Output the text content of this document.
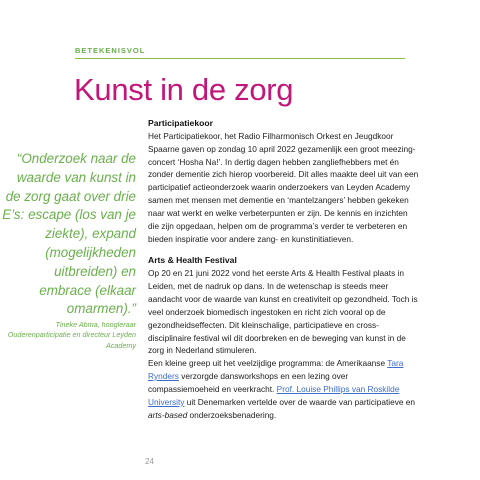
BETEKENISVOL
Kunst in de zorg
“Onderzoek naar de waarde van kunst in de zorg gaat over drie E’s: escape (los van je ziekte), expand (mogelijkheden uitbreiden) en embrace (elkaar omarmen).”
Tineke Abma, hoogleraar Ouderenparticipatie en directeur Leyden Academy
Participatiekoor

Het Participatiekoor, het Radio Filharmonisch Orkest en Jeugdkoor Spaarne gaven op zondag 10 april 2022 gezamenlijk een groot meezing-concert ‘Hosha Na!’. In dertig dagen hebben zangliefhebbers met én zonder dementie zich hierop voorbereid. Dit alles maakte deel uit van een participatief actieonderzoek waarin onderzoekers van Leyden Academy samen met mensen met dementie en ‘mantelzangers’ hebben gekeken naar wat werkt en welke verbeterpunten er zijn. De kennis en inzichten die zijn opgedaan, helpen om de programma’s verder te verbeteren en bieden inspiratie voor andere zang- en kunstinitiatieven.

Arts & Health Festival

Op 20 en 21 juni 2022 vond het eerste Arts & Health Festival plaats in Leiden, met de nadruk op dans. In de wetenschap is steeds meer aandacht voor de waarde van kunst en creativiteit op gezondheid. Toch is veel onderzoek biomedisch ingestoken en richt zich vooral op de gezondheidseffecten. Dit kleinschalige, participatieve en cross-disciplinaire festival wil dit doorbreken en de beweging van kunst in de zorg in Nederland stimuleren.

Een kleine greep uit het veelzijdige programma: de Amerikaanse Tara Rynders verzorgde dansworkshops en een lezing over compassiemoeheid en veerkracht. Prof. Louise Phillips van Roskilde University uit Denemarken vertelde over de waarde van participatieve en arts-based onderzoeksbenadering.

24
